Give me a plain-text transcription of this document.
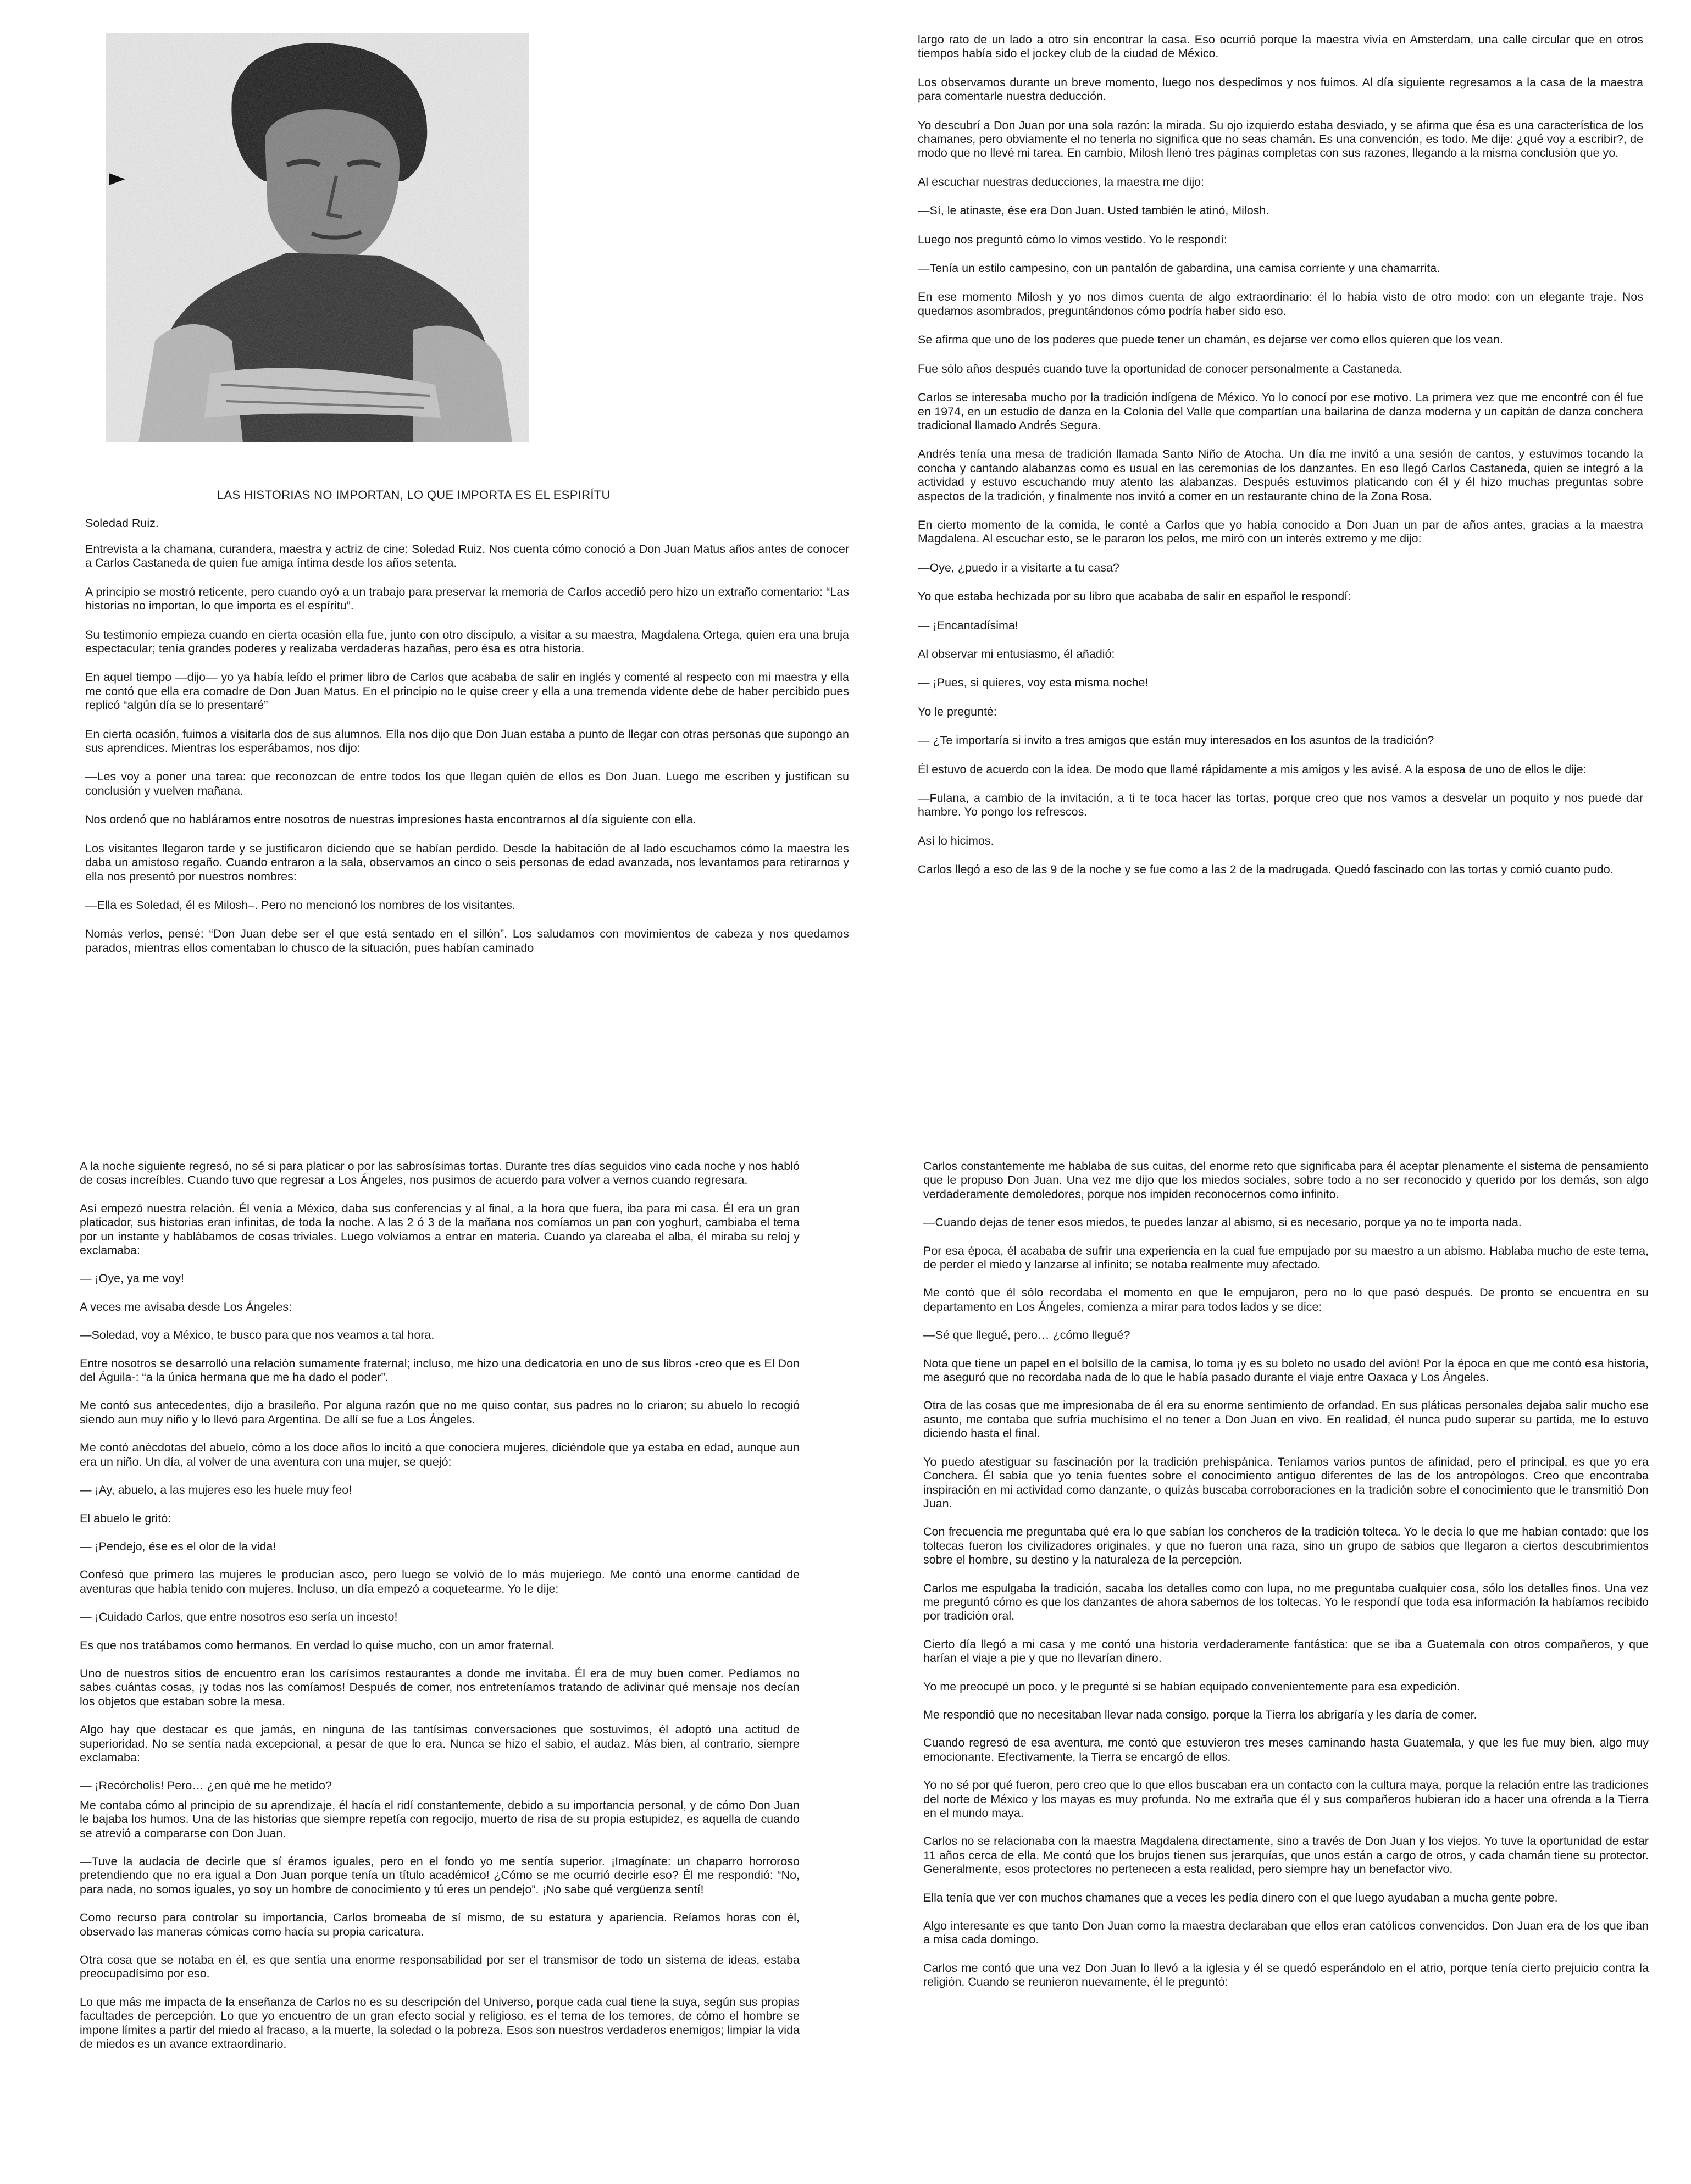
LAS HISTORIAS NO IMPORTAN, LO QUE IMPORTA ES EL ESPIRÍTU
Soledad Ruiz.

Entrevista a la chamana, curandera, maestra y actriz de cine: Soledad Ruiz. Nos cuenta cómo conoció a Don Juan Matus años antes de conocer a Carlos Castaneda de quien fue amiga íntima desde los años setenta.

A principio se mostró reticente, pero cuando oyó a un trabajo para preservar la memoria de Carlos accedió pero hizo un extraño comentario: “Las historias no importan, lo que importa es el espíritu”.

Su testimonio empieza cuando en cierta ocasión ella fue, junto con otro discípulo, a visitar a su maestra, Magdalena Ortega, quien era una bruja espectacular; tenía grandes poderes y realizaba verdaderas hazañas, pero ésa es otra historia.

En aquel tiempo —dijo— yo ya había leído el primer libro de Carlos que acababa de salir en inglés y comenté al respecto con mi maestra y ella me contó que ella era comadre de Don Juan Matus. En el principio no le quise creer y ella a una tremenda vidente debe de haber percibido pues replicó “algún día se lo presentaré”

En cierta ocasión, fuimos a visitarla dos de sus alumnos. Ella nos dijo que Don Juan estaba a punto de llegar con otras personas que supongo an sus aprendices. Mientras los esperábamos, nos dijo:

—Les voy a poner una tarea: que reconozcan de entre todos los que llegan quién de ellos es Don Juan. Luego me escriben y justifican su conclusión y vuelven mañana.

Nos ordenó que no habláramos entre nosotros de nuestras impresiones hasta encontrarnos al día siguiente con ella.

Los visitantes llegaron tarde y se justificaron diciendo que se habían perdido. Desde la habitación de al lado escuchamos cómo la maestra les daba un amistoso regaño. Cuando entraron a la sala, observamos an cinco o seis personas de edad avanzada, nos levantamos para retirarnos y ella nos presentó por nuestros nombres:

—Ella es Soledad, él es Milosh–. Pero no mencionó los nombres de los visitantes.

Nomás verlos, pensé: “Don Juan debe ser el que está sentado en el sillón”. Los saludamos con movimientos de cabeza y nos quedamos parados, mientras ellos comentaban lo chusco de la situación, pues habían caminado

largo rato de un lado a otro sin encontrar la casa. Eso ocurrió porque la maestra vivía en Amsterdam, una calle circular que en otros tiempos había sido el jockey club de la ciudad de México.

Los observamos durante un breve momento, luego nos despedimos y nos fuimos. Al día siguiente regresamos a la casa de la maestra para comentarle nuestra deducción.

Yo descubrí a Don Juan por una sola razón: la mirada. Su ojo izquierdo estaba desviado, y se afirma que ésa es una característica de los chamanes, pero obviamente el no tenerla no significa que no seas chamán. Es una convención, es todo. Me dije: ¿qué voy a escribir?, de modo que no llevé mi tarea. En cambio, Milosh llenó tres páginas completas con sus razones, llegando a la misma conclusión que yo.

Al escuchar nuestras deducciones, la maestra me dijo:

—Sí, le atinaste, ése era Don Juan. Usted también le atinó, Milosh.

Luego nos preguntó cómo lo vimos vestido. Yo le respondí:

—Tenía un estilo campesino, con un pantalón de gabardina, una camisa corriente y una chamarrita.

En ese momento Milosh y yo nos dimos cuenta de algo extraordinario: él lo había visto de otro modo: con un elegante traje. Nos quedamos asombrados, preguntándonos cómo podría haber sido eso.

Se afirma que uno de los poderes que puede tener un chamán, es dejarse ver como ellos quieren que los vean.

Fue sólo años después cuando tuve la oportunidad de conocer personalmente a Castaneda.

Carlos se interesaba mucho por la tradición indígena de México. Yo lo conocí por ese motivo. La primera vez que me encontré con él fue en 1974, en un estudio de danza en la Colonia del Valle que compartían una bailarina de danza moderna y un capitán de danza conchera tradicional llamado Andrés Segura.

Andrés tenía una mesa de tradición llamada Santo Niño de Atocha. Un día me invitó a una sesión de cantos, y estuvimos tocando la concha y cantando alabanzas como es usual en las ceremonias de los danzantes. En eso llegó Carlos Castaneda, quien se integró a la actividad y estuvo escuchando muy atento las alabanzas. Después estuvimos platicando con él y él hizo muchas preguntas sobre aspectos de la tradición, y finalmente nos invitó a comer en un restaurante chino de la Zona Rosa.

En cierto momento de la comida, le conté a Carlos que yo había conocido a Don Juan un par de años antes, gracias a la maestra Magdalena. Al escuchar esto, se le pararon los pelos, me miró con un interés extremo y me dijo:

—Oye, ¿puedo ir a visitarte a tu casa?

Yo que estaba hechizada por su libro que acababa de salir en español le respondí:

— ¡Encantadísima!

Al observar mi entusiasmo, él añadió:

— ¡Pues, si quieres, voy esta misma noche!

Yo le pregunté:

— ¿Te importaría si invito a tres amigos que están muy interesados en los asuntos de la tradición?

Él estuvo de acuerdo con la idea. De modo que llamé rápidamente a mis amigos y les avisé. A la esposa de uno de ellos le dije:

—Fulana, a cambio de la invitación, a ti te toca hacer las tortas, porque creo que nos vamos a desvelar un poquito y nos puede dar hambre. Yo pongo los refrescos.

Así lo hicimos.

Carlos llegó a eso de las 9 de la noche y se fue como a las 2 de la madrugada. Quedó fascinado con las tortas y comió cuanto pudo.

A la noche siguiente regresó, no sé si para platicar o por las sabrosísimas tortas. Durante tres días seguidos vino cada noche y nos habló de cosas increíbles. Cuando tuvo que regresar a Los Ángeles, nos pusimos de acuerdo para volver a vernos cuando regresara.

Así empezó nuestra relación. Él venía a México, daba sus conferencias y al final, a la hora que fuera, iba para mi casa. Él era un gran platicador, sus historias eran infinitas, de toda la noche. A las 2 ó 3 de la mañana nos comíamos un pan con yoghurt, cambiaba el tema por un instante y hablábamos de cosas triviales. Luego volvíamos a entrar en materia. Cuando ya clareaba el alba, él miraba su reloj y exclamaba:

— ¡Oye, ya me voy!

A veces me avisaba desde Los Ángeles:

—Soledad, voy a México, te busco para que nos veamos a tal hora.

Entre nosotros se desarrolló una relación sumamente fraternal; incluso, me hizo una dedicatoria en uno de sus libros -creo que es El Don del Águila-: “a la única hermana que me ha dado el poder”.

Me contó sus antecedentes, dijo a brasileño. Por alguna razón que no me quiso contar, sus padres no lo criaron; su abuelo lo recogió siendo aun muy niño y lo llevó para Argentina. De allí se fue a Los Ángeles.

Me contó anécdotas del abuelo, cómo a los doce años lo incitó a que conociera mujeres, diciéndole que ya estaba en edad, aunque aun era un niño. Un día, al volver de una aventura con una mujer, se quejó:

— ¡Ay, abuelo, a las mujeres eso les huele muy feo!

El abuelo le gritó:

— ¡Pendejo, ése es el olor de la vida!

Confesó que primero las mujeres le producían asco, pero luego se volvió de lo más mujeriego. Me contó una enorme cantidad de aventuras que había tenido con mujeres. Incluso, un día empezó a coquetearme. Yo le dije:

— ¡Cuidado Carlos, que entre nosotros eso sería un incesto!

Es que nos tratábamos como hermanos. En verdad lo quise mucho, con un amor fraternal.

Uno de nuestros sitios de encuentro eran los carísimos restaurantes a donde me invitaba. Él era de muy buen comer. Pedíamos no sabes cuántas cosas, ¡y todas nos las comíamos! Después de comer, nos entreteníamos tratando de adivinar qué mensaje nos decían los objetos que estaban sobre la mesa.

Algo hay que destacar es que jamás, en ninguna de las tantísimas conversaciones que sostuvimos, él adoptó una actitud de superioridad. No se sentía nada excepcional, a pesar de que lo era. Nunca se hizo el sabio, el audaz. Más bien, al contrario, siempre exclamaba:

— ¡Recórcholis! Pero… ¿en qué me he metido?

Me contaba cómo al principio de su aprendizaje, él hacía el ridí constantemente, debido a su importancia personal, y de cómo Don Juan le bajaba los humos. Una de las historias que siempre repetía con regocijo, muerto de risa de su propia estupidez, es aquella de cuando se atrevió a compararse con Don Juan.

—Tuve la audacia de decirle que sí éramos iguales, pero en el fondo yo me sentía superior. ¡Imagínate: un chaparro horroroso pretendiendo que no era igual a Don Juan porque tenía un título académico! ¿Cómo se me ocurrió decirle eso? Él me respondió: “No, para nada, no somos iguales, yo soy un hombre de conocimiento y tú eres un pendejo”. ¡No sabe qué vergüenza sentí!

Como recurso para controlar su importancia, Carlos bromeaba de sí mismo, de su estatura y apariencia. Reíamos horas con él, observado las maneras cómicas como hacía su propia caricatura.

Otra cosa que se notaba en él, es que sentía una enorme responsabilidad por ser el transmisor de todo un sistema de ideas, estaba preocupadísimo por eso.

Lo que más me impacta de la enseñanza de Carlos no es su descripción del Universo, porque cada cual tiene la suya, según sus propias facultades de percepción. Lo que yo encuentro de un gran efecto social y religioso, es el tema de los temores, de cómo el hombre se impone límites a partir del miedo al fracaso, a la muerte, la soledad o la pobreza. Esos son nuestros verdaderos enemigos; limpiar la vida de miedos es un avance extraordinario.

Carlos constantemente me hablaba de sus cuitas, del enorme reto que significaba para él aceptar plenamente el sistema de pensamiento que le propuso Don Juan. Una vez me dijo que los miedos sociales, sobre todo a no ser reconocido y querido por los demás, son algo verdaderamente demoledores, porque nos impiden reconocernos como infinito.

—Cuando dejas de tener esos miedos, te puedes lanzar al abismo, si es necesario, porque ya no te importa nada.

Por esa época, él acababa de sufrir una experiencia en la cual fue empujado por su maestro a un abismo. Hablaba mucho de este tema, de perder el miedo y lanzarse al infinito; se notaba realmente muy afectado.

Me contó que él sólo recordaba el momento en que le empujaron, pero no lo que pasó después. De pronto se encuentra en su departamento en Los Ángeles, comienza a mirar para todos lados y se dice:

—Sé que llegué, pero… ¿cómo llegué?

Nota que tiene un papel en el bolsillo de la camisa, lo toma ¡y es su boleto no usado del avión! Por la época en que me contó esa historia, me aseguró que no recordaba nada de lo que le había pasado durante el viaje entre Oaxaca y Los Ángeles.

Otra de las cosas que me impresionaba de él era su enorme sentimiento de orfandad. En sus pláticas personales dejaba salir mucho ese asunto, me contaba que sufría muchísimo el no tener a Don Juan en vivo. En realidad, él nunca pudo superar su partida, me lo estuvo diciendo hasta el final.

Yo puedo atestiguar su fascinación por la tradición prehispánica. Teníamos varios puntos de afinidad, pero el principal, es que yo era Conchera. Él sabía que yo tenía fuentes sobre el conocimiento antiguo diferentes de las de los antropólogos. Creo que encontraba inspiración en mi actividad como danzante, o quizás buscaba corroboraciones en la tradición sobre el conocimiento que le transmitió Don Juan.

Con frecuencia me preguntaba qué era lo que sabían los concheros de la tradición tolteca. Yo le decía lo que me habían contado: que los toltecas fueron los civilizadores originales, y que no fueron una raza, sino un grupo de sabios que llegaron a ciertos descubrimientos sobre el hombre, su destino y la naturaleza de la percepción.

Carlos me espulgaba la tradición, sacaba los detalles como con lupa, no me preguntaba cualquier cosa, sólo los detalles finos. Una vez me preguntó cómo es que los danzantes de ahora sabemos de los toltecas. Yo le respondí que toda esa información la habíamos recibido por tradición oral.

Cierto día llegó a mi casa y me contó una historia verdaderamente fantástica: que se iba a Guatemala con otros compañeros, y que harían el viaje a pie y que no llevarían dinero.

Yo me preocupé un poco, y le pregunté si se habían equipado convenientemente para esa expedición.

Me respondió que no necesitaban llevar nada consigo, porque la Tierra los abrigaría y les daría de comer.

Cuando regresó de esa aventura, me contó que estuvieron tres meses caminando hasta Guatemala, y que les fue muy bien, algo muy emocionante. Efectivamente, la Tierra se encargó de ellos.

Yo no sé por qué fueron, pero creo que lo que ellos buscaban era un contacto con la cultura maya, porque la relación entre las tradiciones del norte de México y los mayas es muy profunda. No me extraña que él y sus compañeros hubieran ido a hacer una ofrenda a la Tierra en el mundo maya.

Carlos no se relacionaba con la maestra Magdalena directamente, sino a través de Don Juan y los viejos. Yo tuve la oportunidad de estar 11 años cerca de ella. Me contó que los brujos tienen sus jerarquías, que unos están a cargo de otros, y cada chamán tiene su protector. Generalmente, esos protectores no pertenecen a esta realidad, pero siempre hay un benefactor vivo.

Ella tenía que ver con muchos chamanes que a veces les pedía dinero con el que luego ayudaban a mucha gente pobre.

Algo interesante es que tanto Don Juan como la maestra declaraban que ellos eran católicos convencidos. Don Juan era de los que iban a misa cada domingo.

Carlos me contó que una vez Don Juan lo llevó a la iglesia y él se quedó esperándolo en el atrio, porque tenía cierto prejuicio contra la religión. Cuando se reunieron nuevamente, él le preguntó:
